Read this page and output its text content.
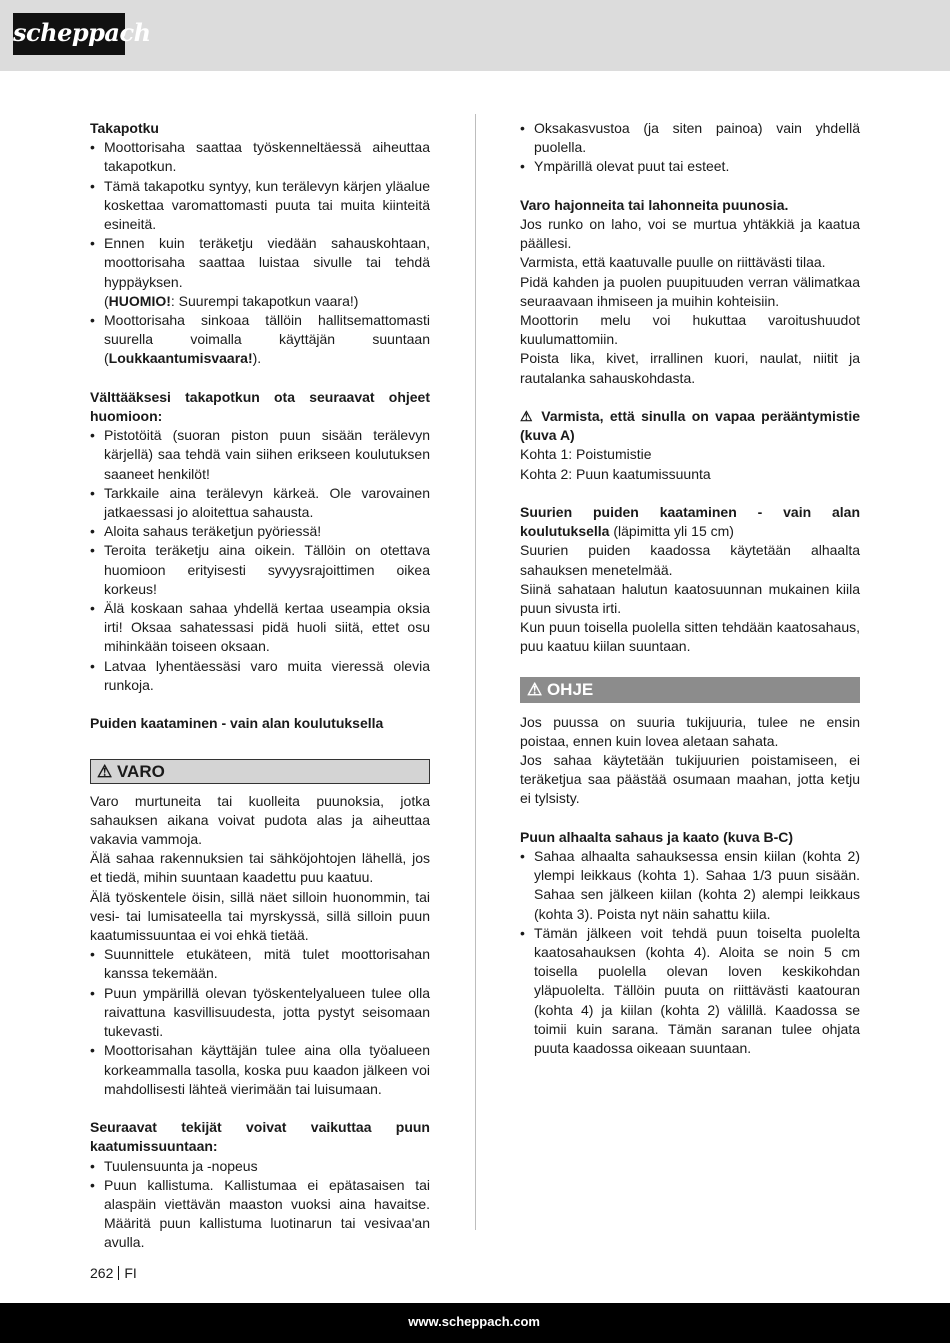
scheppach

Takapotku

• Moottorisaha saattaa työskenneltäessä aiheuttaa takapotkun.
• Tämä takapotku syntyy, kun terälevyn kärjen yläalue koskettaa varomattomasti puuta tai muita kiinteitä esineitä.
• Ennen kuin teräketju viedään sahauskohtaan, moottorisaha saattaa luistaa sivulle tai tehdä hyppäyksen.
(HUOMIO!: Suurempi takapotkun vaara!)
• Moottorisaha sinkoaa tällöin hallitsemattomasti suurella voimalla käyttäjän suuntaan (Loukkaantumisvaara!).

Välttääksesi takapotkun ota seuraavat ohjeet huomioon:

• Pistotöitä (suoran piston puun sisään terälevyn kärjellä) saa tehdä vain siihen erikseen koulutuksen saaneet henkilöt!
• Tarkkaile aina terälevyn kärkeä. Ole varovainen jatkaessasi jo aloitettua sahausta.
• Aloita sahaus teräketjun pyöriessä!
• Teroita teräketju aina oikein. Tällöin on otettava huomioon erityisesti syvyysrajoittimen oikea korkeus!
• Älä koskaan sahaa yhdellä kertaa useampia oksia irti! Oksaa sahatessasi pidä huoli siitä, ettet osu mihinkään toiseen oksaan.
• Latvaa lyhentäessäsi varo muita vieressä olevia runkoja.

Puiden kaataminen - vain alan koulutuksella

⚠ VARO

Varo murtuneita tai kuolleita puunoksia, jotka sahauksen aikana voivat pudota alas ja aiheuttaa vakavia vammoja.

Älä sahaa rakennuksien tai sähköjohtojen lähellä, jos et tiedä, mihin suuntaan kaadettu puu kaatuu.

Älä työskentele öisin, sillä näet silloin huonommin, tai vesi- tai lumisateella tai myrskyssä, sillä silloin puun kaatumissuuntaa ei voi ehkä tietää.

• Suunnittele etukäteen, mitä tulet moottorisahan kanssa tekemään.
• Puun ympärillä olevan työskentelyalueen tulee olla raivattuna kasvillisuudesta, jotta pystyt seisomaan tukevasti.
• Moottorisahan käyttäjän tulee aina olla työalueen korkeammalla tasolla, koska puu kaadon jälkeen voi mahdollisesti lähteä vierimään tai luisumaan.

Seuraavat tekijät voivat vaikuttaa puun kaatumissuuntaan:

• Tuulensuunta ja -nopeus
• Puun kallistuma. Kallistumaa ei epätasaisen tai alaspäin viettävän maaston vuoksi aina havaitse. Määritä puun kallistuma luotinarun tai vesivaa'an avulla.
• Oksakasvustoa (ja siten painoa) vain yhdellä puolella.
• Ympärillä olevat puut tai esteet.

Varo hajonneita tai lahonneita puunosia.

Jos runko on laho, voi se murtua yhtäkkiä ja kaatua päällesi.

Varmista, että kaatuvalle puulle on riittävästi tilaa.

Pidä kahden ja puolen puupituuden verran välimatkaa seuraavaan ihmiseen ja muihin kohteisiin.

Moottorin melu voi hukuttaa varoitushuudot kuulumattomiin.

Poista lika, kivet, irrallinen kuori, naulat, niitit ja rautalanka sahauskohdasta.

⚠ Varmista, että sinulla on vapaa perääntymistie (kuva A)

Kohta 1: Poistumistie

Kohta 2: Puun kaatumissuunta

Suurien puiden kaataminen - vain alan koulutuksella (läpimitta yli 15 cm)

Suurien puiden kaadossa käytetään alhaalta sahauksen menetelmää.

Siinä sahataan halutun kaatosuunnan mukainen kiila puun sivusta irti.

Kun puun toisella puolella sitten tehdään kaatosahaus, puu kaatuu kiilan suuntaan.

⚠ OHJE

Jos puussa on suuria tukijuuria, tulee ne ensin poistaa, ennen kuin lovea aletaan sahata.

Jos sahaa käytetään tukijuurien poistamiseen, ei teräketjua saa päästää osumaan maahan, jotta ketju ei tylsisty.

Puun alhaalta sahaus ja kaato (kuva B-C)

• Sahaa alhaalta sahauksessa ensin kiilan (kohta 2) ylempi leikkaus (kohta 1). Sahaa 1/3 puun sisään. Sahaa sen jälkeen kiilan (kohta 2) alempi leikkaus (kohta 3). Poista nyt näin sahattu kiila.
• Tämän jälkeen voit tehdä puun toiselta puolelta kaatosahauksen (kohta 4). Aloita se noin 5 cm toisella puolella olevan loven keskikohdan yläpuolelta. Tällöin puuta on riittävästi kaatouran (kohta 4) ja kiilan (kohta 2) välillä. Kaadossa se toimii kuin sarana. Tämän saranan tulee ohjata puuta kaadossa oikeaan suuntaan.
262 FI
www.scheppach.com
